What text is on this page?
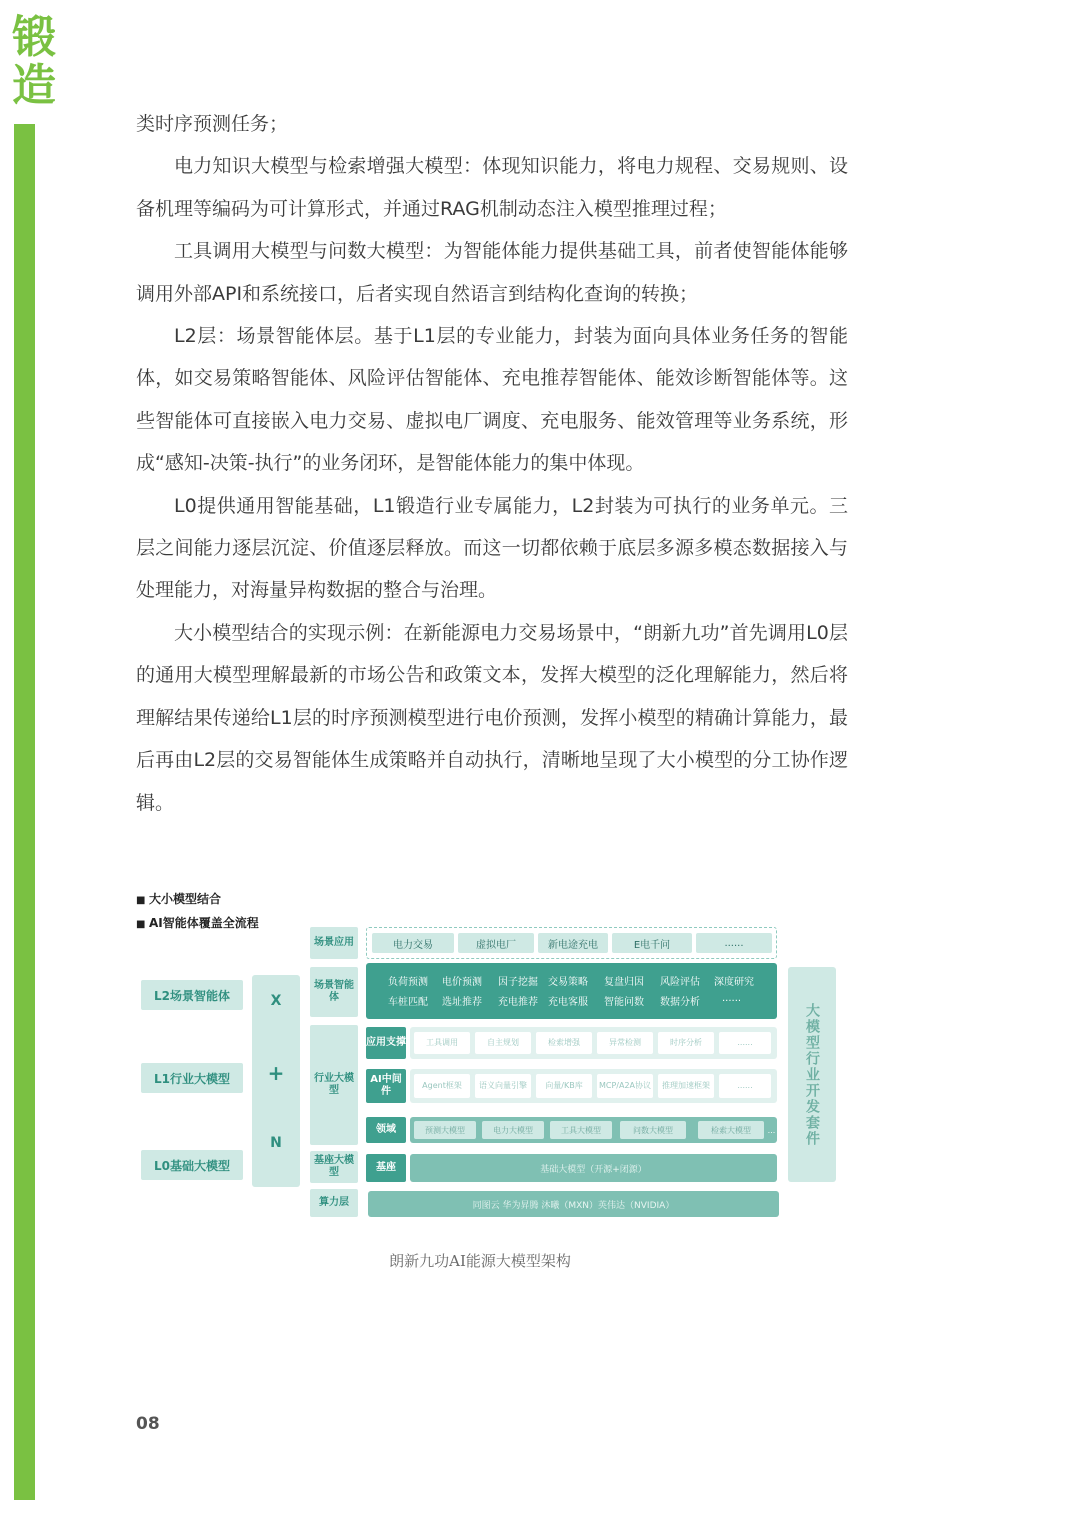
锻
造

类时序预测任务；

电力知识大模型与检索增强大模型：体现知识能力，将电力规程、交易规则、设备机理等编码为可计算形式，并通过RAG机制动态注入模型推理过程；

工具调用大模型与问数大模型：为智能体能力提供基础工具，前者使智能体能够调用外部API和系统接口，后者实现自然语言到结构化查询的转换；

L2层：场景智能体层。基于L1层的专业能力，封装为面向具体业务任务的智能体，如交易策略智能体、风险评估智能体、充电推荐智能体、能效诊断智能体等。这些智能体可直接嵌入电力交易、虚拟电厂调度、充电服务、能效管理等业务系统，形成“感知-决策-执行”的业务闭环，是智能体能力的集中体现。

L0提供通用智能基础，L1锻造行业专属能力，L2封装为可执行的业务单元。三层之间能力逐层沉淀、价值逐层释放。而这一切都依赖于底层多源多模态数据接入与处理能力，对海量异构数据的整合与治理。

大小模型结合的实现示例：在新能源电力交易场景中，“朗新九功”首先调用L0层的通用大模型理解最新的市场公告和政策文本，发挥大模型的泛化理解能力，然后将理解结果传递给L1层的时序预测模型进行电价预测，发挥小模型的精确计算能力，最后再由L2层的交易智能体生成策略并自动执行，清晰地呈现了大小模型的分工协作逻辑。

■ 大小模型结合
■ AI智能体覆盖全流程
L2场景智能体
L1行业大模型
L0基础大模型
X
+
N
场景应用
场景智能体
行业大模型
基座大模型
算力层
电力交易	虚拟电厂	新电途充电	E电千问	......
负荷预测 电价预测 因子挖掘 交易策略 复盘归因 风险评估 深度研究
车桩匹配 选址推荐 充电推荐 充电客服 智能问数 数据分析 ......
应用支撑	工具调用	自主规划	检索增强	异常检测	时序分析	......
AI中间件
Agent框架	语义向量引擎	向量/KB库	MCP/A2A协议	推理加速框架	......
领域	预测大模型	电力大模型	工具大模型	问数大模型	检索大模型	...
基座	基础大模型（开源+闭源）
同图云 华为昇腾 沐曦（MXN）英伟达（NVIDIA）
大模型行业开发套件
朗新九功AI能源大模型架构
08
